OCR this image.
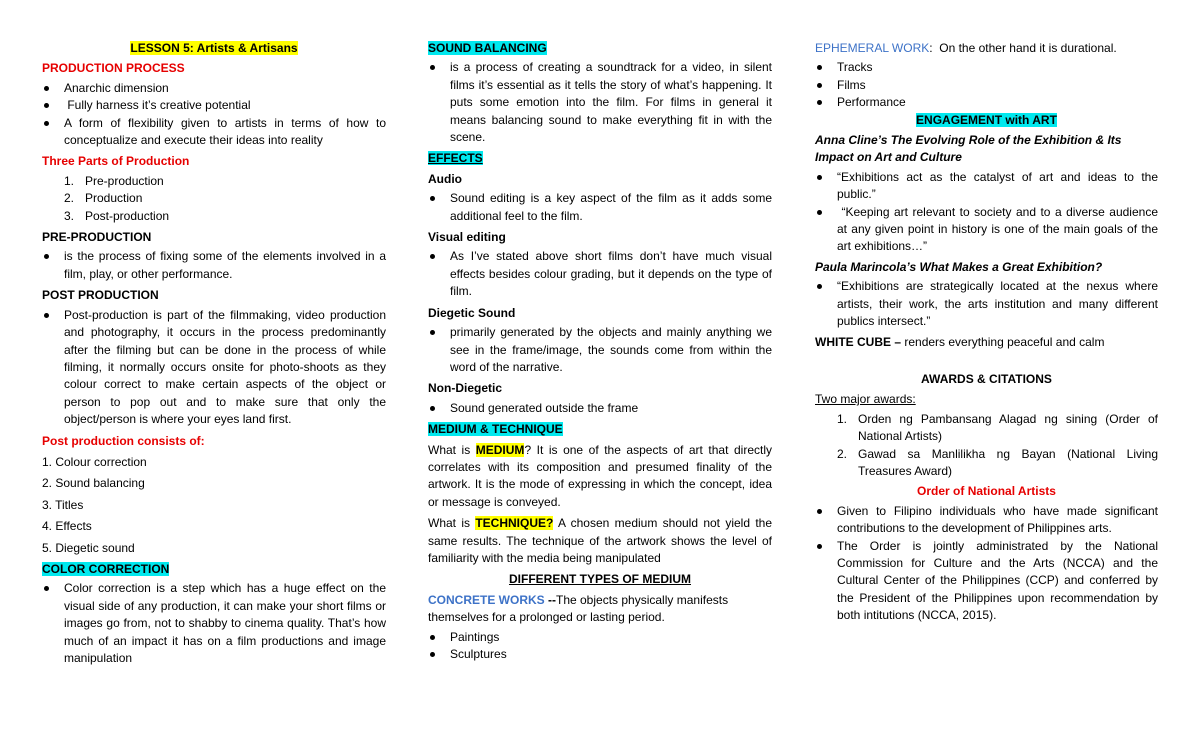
LESSON 5: Artists & Artisans

PRODUCTION PROCESS

Anarchic dimension
Fully harness it’s creative potential
A form of flexibility given to artists in terms of how to conceptualize and execute their ideas into reality

Three Parts of Production

1. Pre-production
2. Production
3. Post-production

PRE-PRODUCTION

is the process of fixing some of the elements involved in a film, play, or other performance.

POST PRODUCTION

Post-production is part of the filmmaking, video production and photography, it occurs in the process predominantly after the filming but can be done in the process of while filming, it normally occurs onsite for photo-shoots as they colour correct to make certain aspects of the object or person to pop out and to make sure that only the object/person is where your eyes land first.

Post production consists of:

1. Colour correction

2. Sound balancing

3. Titles

4. Effects

5. Diegetic sound

COLOR CORRECTION

Color correction is a step which has a huge effect on the visual side of any production, it can make your short films or images go from, not to shabby to cinema quality. That’s how much of an impact it has on a film productions and image manipulation

SOUND BALANCING

is a process of creating a soundtrack for a video, in silent films it’s essential as it tells the story of what’s happening. It puts some emotion into the film. For films in general it means balancing sound to make everything fit in with the scene.

EFFECTS

Audio

Sound editing is a key aspect of the film as it adds some additional feel to the film.

Visual editing

As I’ve stated above short films don’t have much visual effects besides colour grading, but it depends on the type of film.

Diegetic Sound

primarily generated by the objects and mainly anything we see in the frame/image, the sounds come from within the word of the narrative.

Non-Diegetic

Sound generated outside the frame

MEDIUM & TECHNIQUE

What is MEDIUM? It is one of the aspects of art that directly correlates with its composition and presumed finality of the artwork. It is the mode of expressing in which the concept, idea or message is conveyed.

What is TECHNIQUE? A chosen medium should not yield the same results. The technique of the artwork shows the level of familiarity with the media being manipulated

DIFFERENT TYPES OF MEDIUM

CONCRETE WORKS --The objects physically manifests themselves for a prolonged or lasting period.

Paintings
Sculptures

EPHEMERAL WORK:  On the other hand it is durational.

Tracks
Films
Performance

ENGAGEMENT with ART

Anna Cline’s The Evolving Role of the Exhibition & Its Impact on Art and Culture

“Exhibitions act as the catalyst of art and ideas to the public.”
“Keeping art relevant to society and to a diverse audience at any given point in history is one of the main goals of the art exhibitions…”

Paula Marincola’s What Makes a Great Exhibition?

“Exhibitions are strategically located at the nexus where artists, their work, the arts institution and many different publics intersect.”

WHITE CUBE – renders everything peaceful and calm

AWARDS & CITATIONS

Two major awards:

1. Orden ng Pambansang Alagad ng sining (Order of National Artists)
2. Gawad sa Manlilikha ng Bayan (National Living Treasures Award)

Order of National Artists

Given to Filipino individuals who have made significant contributions to the development of Philippines arts.
The Order is jointly administrated by the National Commission for Culture and the Arts (NCCA) and the Cultural Center of the Philippines (CCP) and conferred by the President of the Philippines upon recommendation by both intitutions (NCCA, 2015).
